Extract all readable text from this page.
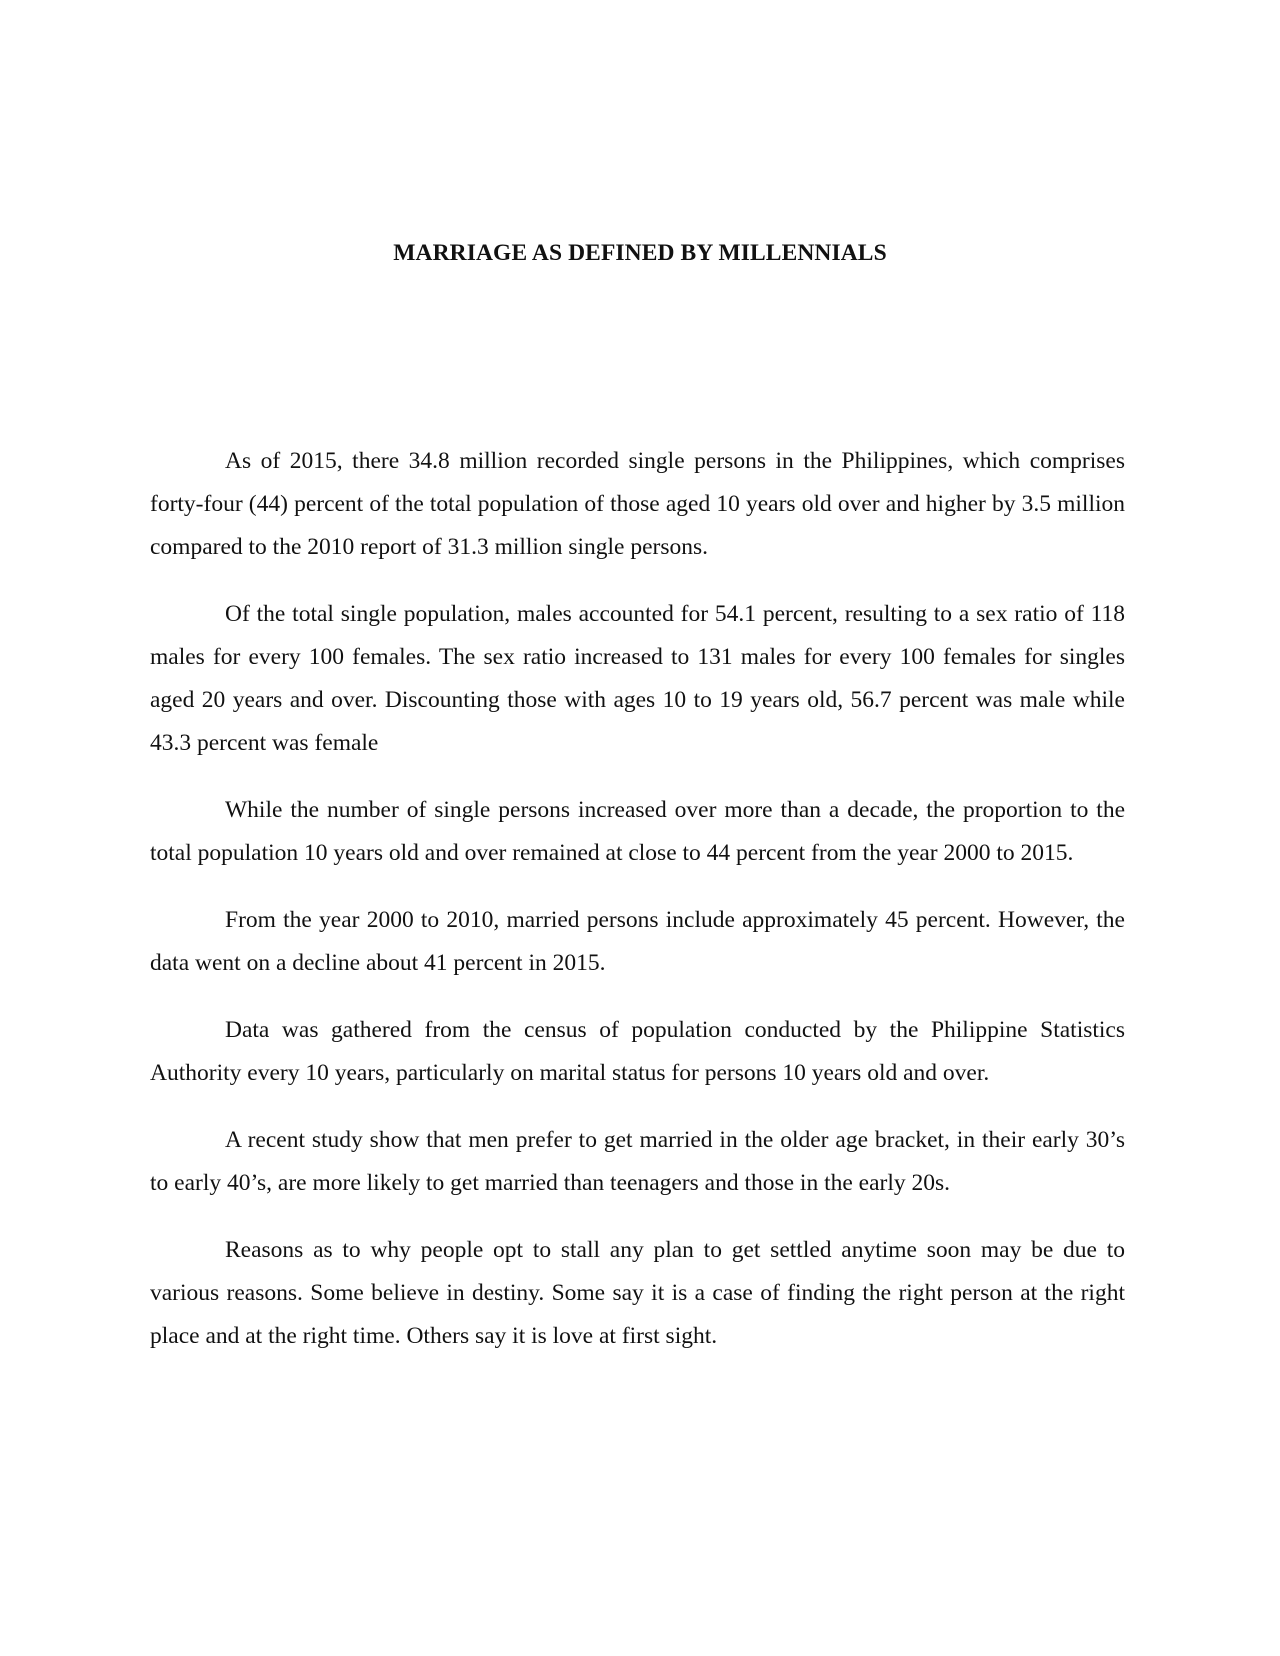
MARRIAGE AS DEFINED BY MILLENNIALS

As of 2015, there 34.8 million recorded single persons in the Philippines, which comprises forty-four (44) percent of the total population of those aged 10 years old over and higher by 3.5 million compared to the 2010 report of 31.3 million single persons.

Of the total single population, males accounted for 54.1 percent, resulting to a sex ratio of 118 males for every 100 females. The sex ratio increased to 131 males for every 100 females for singles aged 20 years and over. Discounting those with ages 10 to 19 years old, 56.7 percent was male while 43.3 percent was female

While the number of single persons increased over more than a decade, the proportion to the total population 10 years old and over remained at close to 44 percent from the year 2000 to 2015.

From the year 2000 to 2010, married persons include approximately 45 percent. However, the data went on a decline about 41 percent in 2015.

Data was gathered from the census of population conducted by the Philippine Statistics Authority every 10 years, particularly on marital status for persons 10 years old and over.

A recent study show that men prefer to get married in the older age bracket, in their early 30’s to early 40’s, are more likely to get married than teenagers and those in the early 20s.

Reasons as to why people opt to stall any plan to get settled anytime soon may be due to various reasons. Some believe in destiny. Some say it is a case of finding the right person at the right place and at the right time. Others say it is love at first sight.
